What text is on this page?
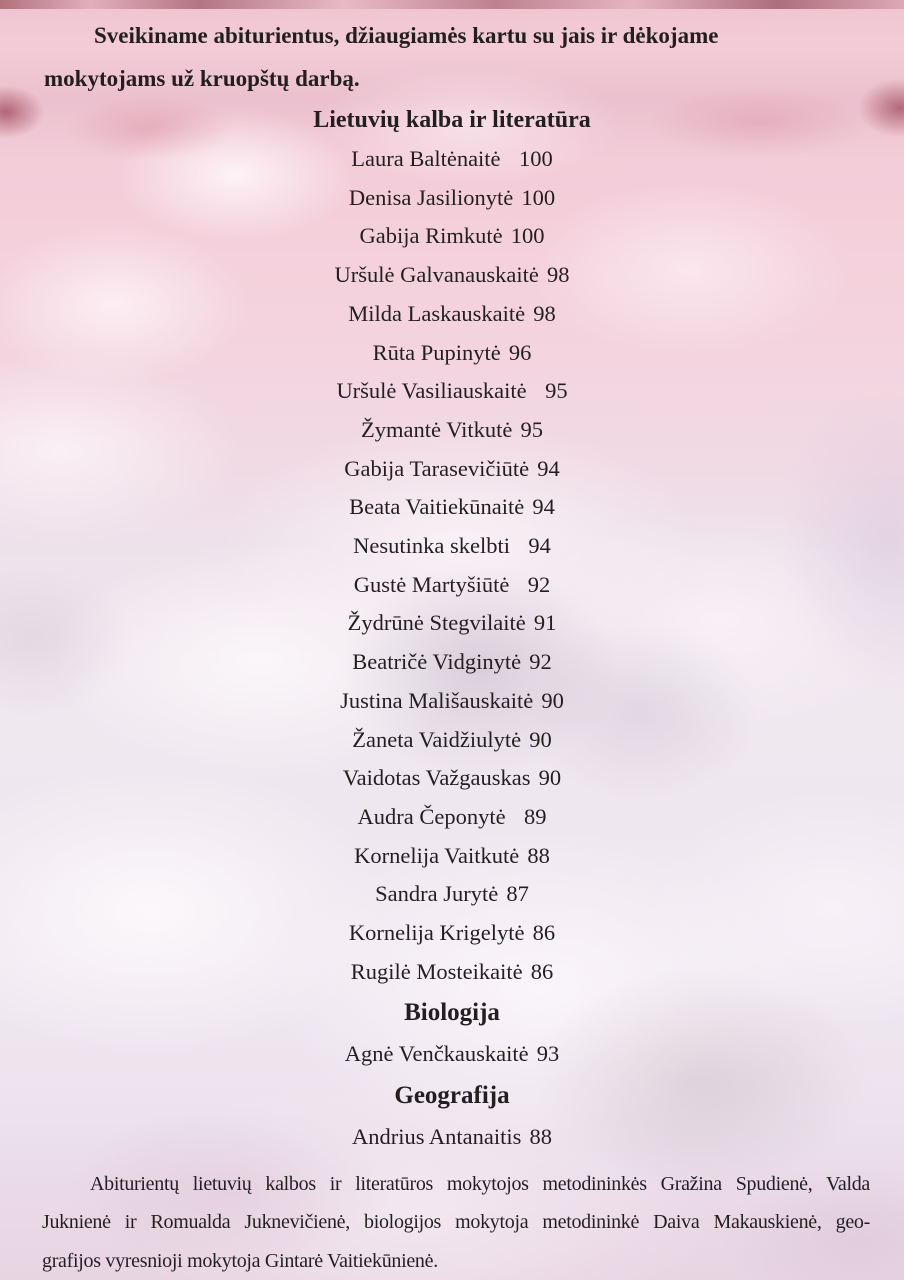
Sveikiname abiturientus, džiaugiamės kartu su jais ir dėkojame
mokytojams už kruopštų darbą.

Lietuvių kalba ir literatūra
Laura Baltėnaitė 100
Denisa Jasilionytė 100
Gabija Rimkutė 100
Uršulė Galvanauskaitė 98
Milda Laskauskaitė 98
Rūta Pupinytė 96
Uršulė Vasiliauskaitė 95
Žymantė Vitkutė 95
Gabija Tarasevičiūtė 94
Beata Vaitiekūnaitė 94
Nesutinka skelbti 94
Gustė Martyšiūtė 92
Žydrūnė Stegvilaitė 91
Beatričė Vidginytė 92
Justina Mališauskaitė 90
Žaneta Vaidžiulytė 90
Vaidotas Važgauskas 90
Audra Čeponytė 89
Kornelija Vaitkutė 88
Sandra Jurytė 87
Kornelija Krigelytė 86
Rugilė Mosteikaitė 86
Biologija
Agnė Venčkauskaitė 93
Geografija
Andrius Antanaitis 88

Abiturientų lietuvių kalbos ir literatūros mokytojos metodininkės Gražina Spudienė, Valda
Juknienė ir Romualda Juknevičienė, biologijos mokytoja metodininkė Daiva Makauskienė, geo-
grafijos vyresnioji mokytoja Gintarė Vaitiekūnienė.
